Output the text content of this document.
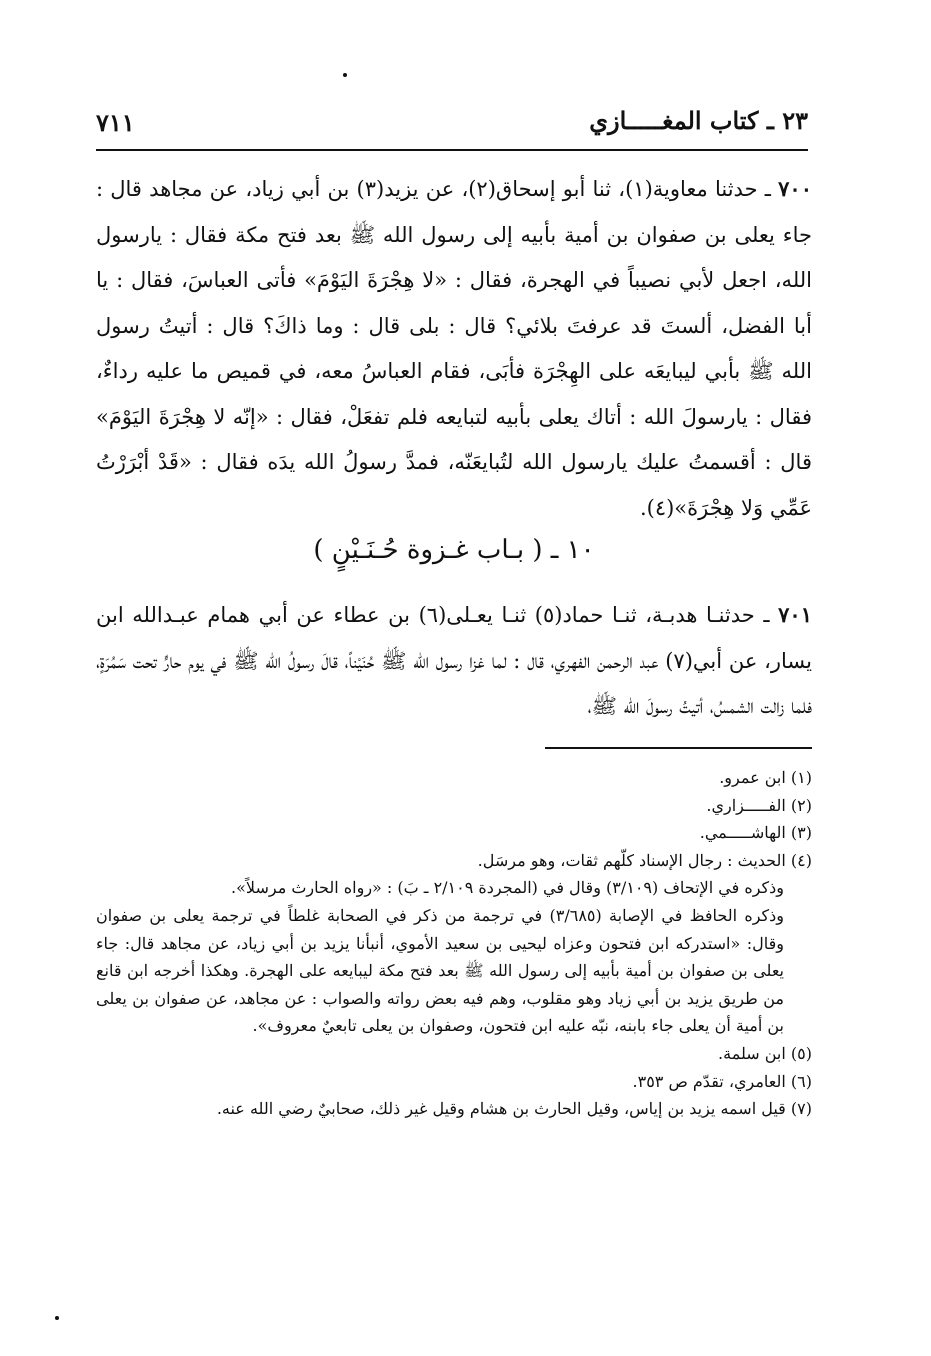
٢٣ ـ كتاب المغـــــازي
٧١١

٧٠٠ ـ حدثنا معاوية(١)، ثنا أبو إسحاق(٢)، عن يزيد(٣) بن أبي زياد، عن مجاهد قال : جاء يعلى بن صفوان بن أمية بأبيه إلى رسول الله ﷺ بعد فتح مكة فقال : يارسول الله، اجعل لأبي نصيباً في الهجرة، فقال : «لا هِجْرَةَ اليَوْمَ» فأتى العباسَ، فقال : يا أبا الفضل، ألستَ قد عرفتَ بلائي؟ قال : بلى قال : وما ذاكَ؟ قال : أتيتُ رسول الله ﷺ بأبي ليبايعَه على الهِجْرَة فأبَى، فقام العباسُ معه، في قميص ما عليه رداءٌ، فقال : يارسولَ الله : أتاك يعلى بأبيه لتبايعه فلم تفعَلْ، فقال : «إنّه لا هِجْرَةَ اليَوْمَ» قال : أقسمتُ عليك يارسول الله لتُبايعَنّه، فمدَّ رسولُ الله يدَه فقال : «قَدْ أبْرَرْتُ عَمِّي وَلا هِجْرَةَ»(٤).

١٠ ـ ( بـاب غـزوة حُـنَـيْنٍ )

٧٠١ ـ حدثنـا هدبـة، ثنـا حماد(٥) ثنـا يعـلى(٦) بن عطاء عن أبي همام عبـدالله ابن يسار، عن أبي(٧) عبد الرحمن الفهري، قال : لما غزا رسول الله ﷺ حُنَيْناً، قالَ رسولُ الله ﷺ في يوم حارٍّ تحت سَمُرَةٍ، فلما زالت الشمسُ، أتيتُ رسولَ الله ﷺ،

(١) ابن عمرو.

(٢) الفـــــزاري.

(٣) الهاشـــــمي.

(٤) الحديث : رجال الإسناد كلّهم ثقات، وهو مرسَل.

وذكره في الإتحاف (٣/١٠٩) وقال في (المجردة ٢/١٠٩ ـ بَ) : «رواه الحارث مرسلاً».

وذكره الحافظ في الإصابة (٣/٦٨٥) في ترجمة من ذكر في الصحابة غلطاً في ترجمة يعلى بن صفوان وقال: «استدركه ابن فتحون وعزاه ليحيى بن سعيد الأموي، أنبأنا يزيد بن أبي زياد، عن مجاهد قال: جاء يعلى بن صفوان بن أمية بأبيه إلى رسول الله ﷺ بعد فتح مكة ليبايعه على الهجرة. وهكذا أخرجه ابن قانع من طريق يزيد بن أبي زياد وهو مقلوب، وهم فيه بعض رواته والصواب : عن مجاهد، عن صفوان بن يعلى بن أمية أن يعلى جاء بابنه، نبّه عليه ابن فتحون، وصفوان بن يعلى تابعيٌ معروف».

(٥) ابن سلمة.

(٦) العامري، تقدّم ص ٣٥٣.

(٧) قيل اسمه يزيد بن إياس، وقيل الحارث بن هشام وقيل غير ذلك، صحابيٌ رضي الله عنه.
